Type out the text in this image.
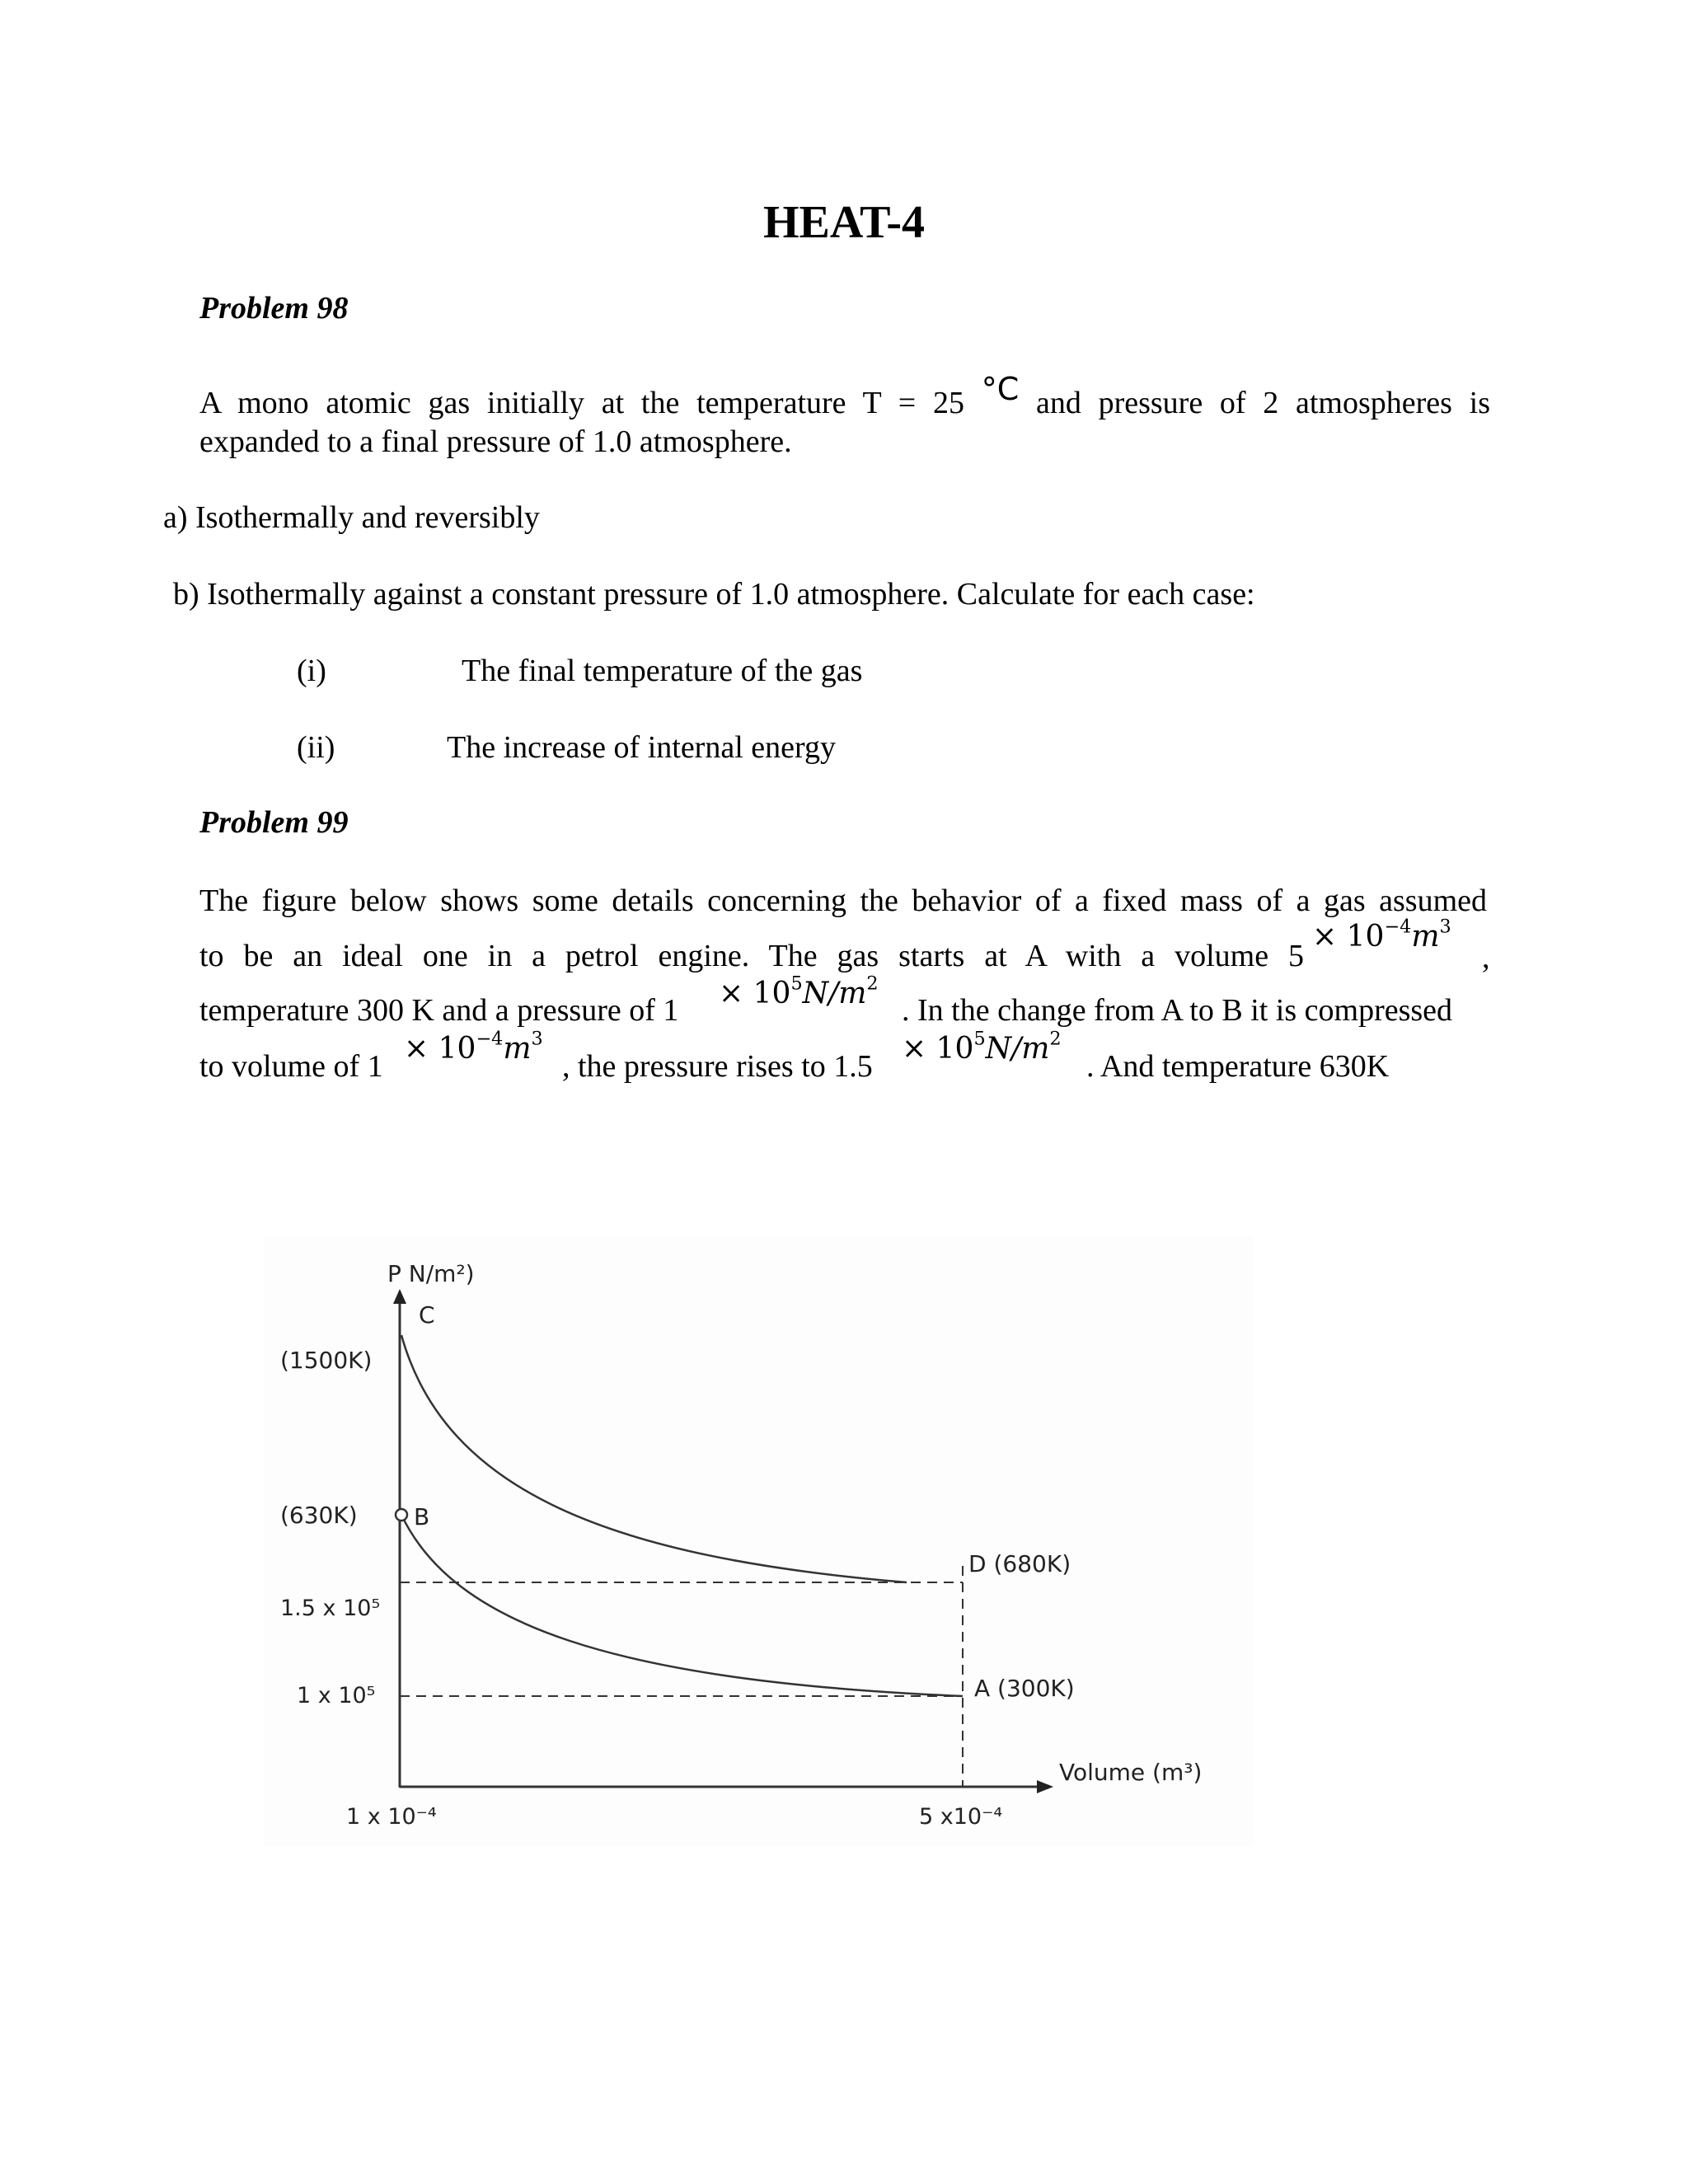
HEAT-4
Problem 98
A mono atomic gas initially at the temperature T = 25 °C and pressure of 2 atmospheres is
expanded to a final pressure of 1.0 atmosphere.
a) Isothermally and reversibly
b) Isothermally against a constant pressure of 1.0 atmosphere. Calculate for each case:
(i)	The final temperature of the gas
(ii)	The increase of internal energy
Problem 99
The figure below shows some details concerning the behavior of a fixed mass of a gas assumed
to be an ideal one in a petrol engine. The gas starts at A with a volume 5
× $10^{-4}m^3$
,
temperature 300 K and a pressure of $1 \times 10^5N/m^2$
. In the change from A to B it is compressed
to volume of 1
× $10^{-4}m^3$
, the pressure rises to 1.5
× $10^5N/m^2$
. And temperature 630K
P N/m²)
C
(1500K)
(630K) B
1.5 x 10⁵
1 x 10⁵
1 x 10⁻⁴	5 x10⁻⁴
D (680K)
A (300K)
Volume (m³)
